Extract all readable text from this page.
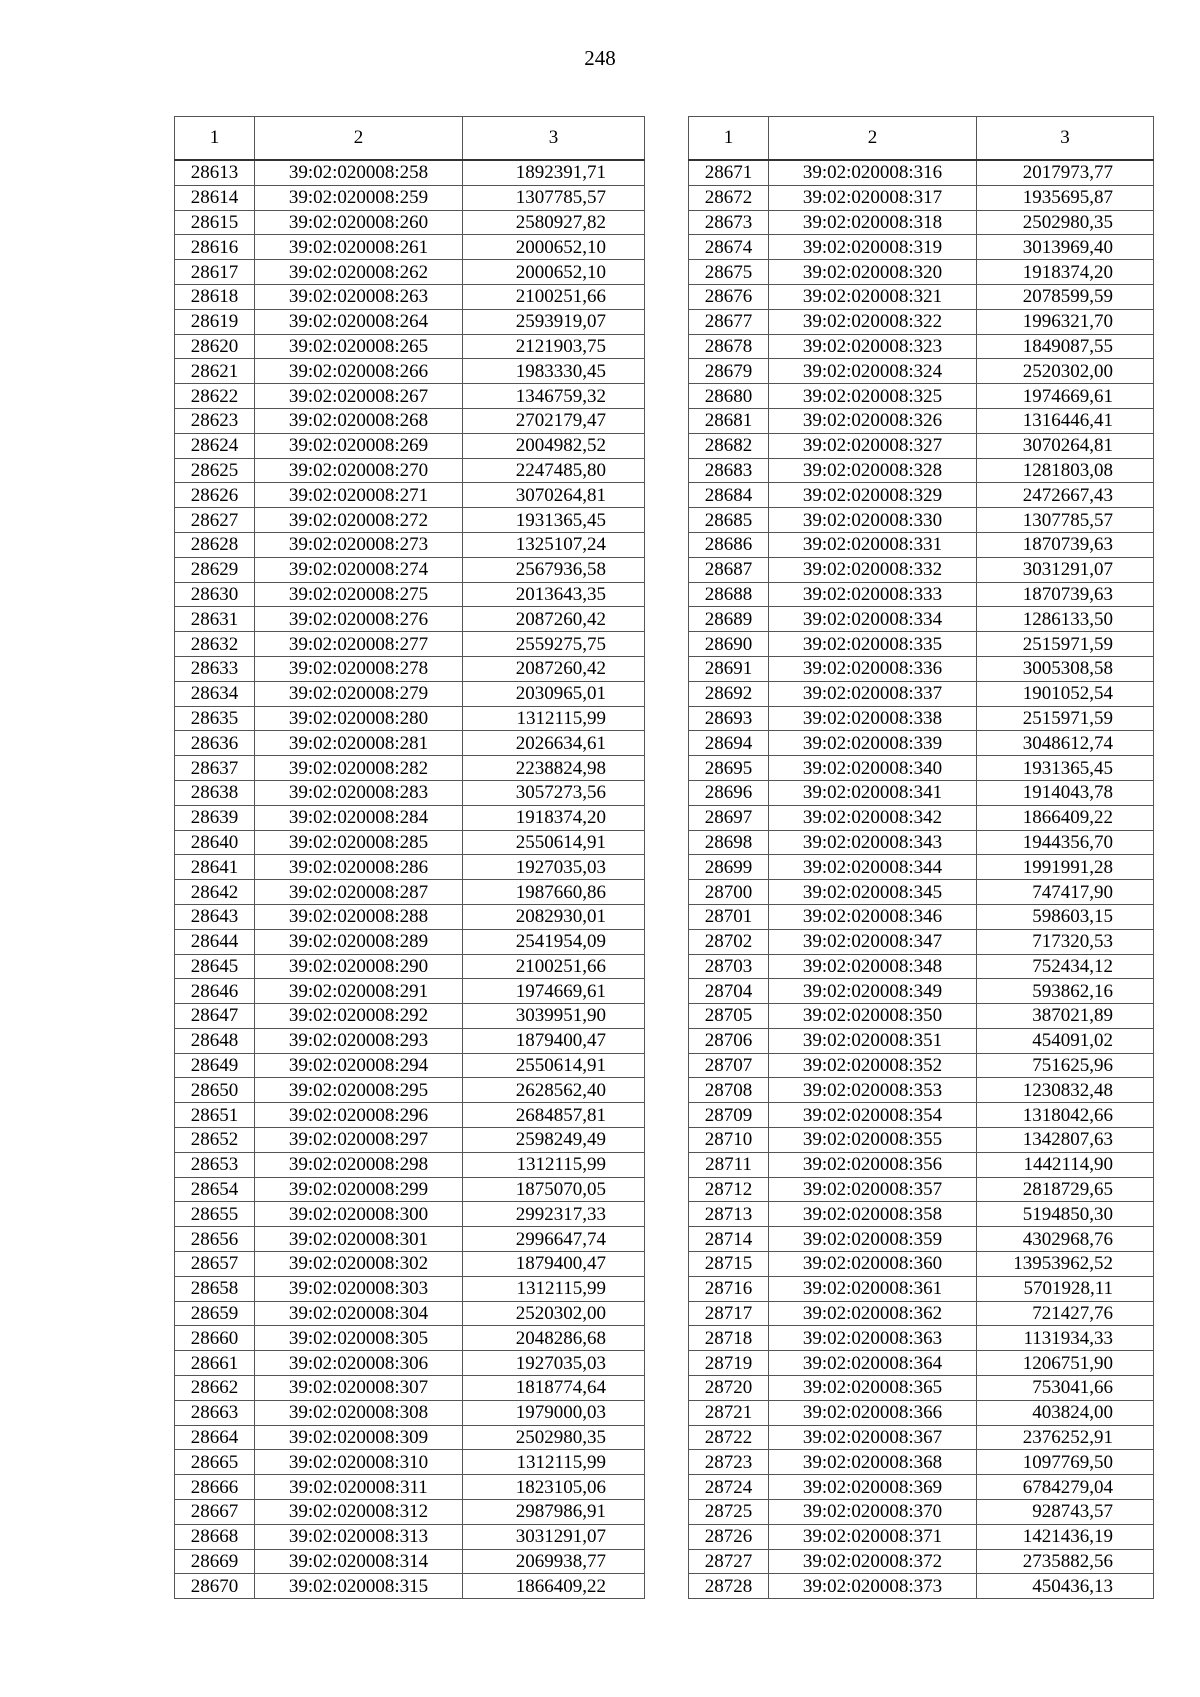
248
1	2	3
28613	39:02:020008:258	1892391,71
28614	39:02:020008:259	1307785,57
28615	39:02:020008:260	2580927,82
28616	39:02:020008:261	2000652,10
28617	39:02:020008:262	2000652,10
28618	39:02:020008:263	2100251,66
28619	39:02:020008:264	2593919,07
28620	39:02:020008:265	2121903,75
28621	39:02:020008:266	1983330,45
28622	39:02:020008:267	1346759,32
28623	39:02:020008:268	2702179,47
28624	39:02:020008:269	2004982,52
28625	39:02:020008:270	2247485,80
28626	39:02:020008:271	3070264,81
28627	39:02:020008:272	1931365,45
28628	39:02:020008:273	1325107,24
28629	39:02:020008:274	2567936,58
28630	39:02:020008:275	2013643,35
28631	39:02:020008:276	2087260,42
28632	39:02:020008:277	2559275,75
28633	39:02:020008:278	2087260,42
28634	39:02:020008:279	2030965,01
28635	39:02:020008:280	1312115,99
28636	39:02:020008:281	2026634,61
28637	39:02:020008:282	2238824,98
28638	39:02:020008:283	3057273,56
28639	39:02:020008:284	1918374,20
28640	39:02:020008:285	2550614,91
28641	39:02:020008:286	1927035,03
28642	39:02:020008:287	1987660,86
28643	39:02:020008:288	2082930,01
28644	39:02:020008:289	2541954,09
28645	39:02:020008:290	2100251,66
28646	39:02:020008:291	1974669,61
28647	39:02:020008:292	3039951,90
28648	39:02:020008:293	1879400,47
28649	39:02:020008:294	2550614,91
28650	39:02:020008:295	2628562,40
28651	39:02:020008:296	2684857,81
28652	39:02:020008:297	2598249,49
28653	39:02:020008:298	1312115,99
28654	39:02:020008:299	1875070,05
28655	39:02:020008:300	2992317,33
28656	39:02:020008:301	2996647,74
28657	39:02:020008:302	1879400,47
28658	39:02:020008:303	1312115,99
28659	39:02:020008:304	2520302,00
28660	39:02:020008:305	2048286,68
28661	39:02:020008:306	1927035,03
28662	39:02:020008:307	1818774,64
28663	39:02:020008:308	1979000,03
28664	39:02:020008:309	2502980,35
28665	39:02:020008:310	1312115,99
28666	39:02:020008:311	1823105,06
28667	39:02:020008:312	2987986,91
28668	39:02:020008:313	3031291,07
28669	39:02:020008:314	2069938,77
28670	39:02:020008:315	1866409,22
1	2	3
28671	39:02:020008:316	2017973,77
28672	39:02:020008:317	1935695,87
28673	39:02:020008:318	2502980,35
28674	39:02:020008:319	3013969,40
28675	39:02:020008:320	1918374,20
28676	39:02:020008:321	2078599,59
28677	39:02:020008:322	1996321,70
28678	39:02:020008:323	1849087,55
28679	39:02:020008:324	2520302,00
28680	39:02:020008:325	1974669,61
28681	39:02:020008:326	1316446,41
28682	39:02:020008:327	3070264,81
28683	39:02:020008:328	1281803,08
28684	39:02:020008:329	2472667,43
28685	39:02:020008:330	1307785,57
28686	39:02:020008:331	1870739,63
28687	39:02:020008:332	3031291,07
28688	39:02:020008:333	1870739,63
28689	39:02:020008:334	1286133,50
28690	39:02:020008:335	2515971,59
28691	39:02:020008:336	3005308,58
28692	39:02:020008:337	1901052,54
28693	39:02:020008:338	2515971,59
28694	39:02:020008:339	3048612,74
28695	39:02:020008:340	1931365,45
28696	39:02:020008:341	1914043,78
28697	39:02:020008:342	1866409,22
28698	39:02:020008:343	1944356,70
28699	39:02:020008:344	1991991,28
28700	39:02:020008:345	747417,90
28701	39:02:020008:346	598603,15
28702	39:02:020008:347	717320,53
28703	39:02:020008:348	752434,12
28704	39:02:020008:349	593862,16
28705	39:02:020008:350	387021,89
28706	39:02:020008:351	454091,02
28707	39:02:020008:352	751625,96
28708	39:02:020008:353	1230832,48
28709	39:02:020008:354	1318042,66
28710	39:02:020008:355	1342807,63
28711	39:02:020008:356	1442114,90
28712	39:02:020008:357	2818729,65
28713	39:02:020008:358	5194850,30
28714	39:02:020008:359	4302968,76
28715	39:02:020008:360	13953962,52
28716	39:02:020008:361	5701928,11
28717	39:02:020008:362	721427,76
28718	39:02:020008:363	1131934,33
28719	39:02:020008:364	1206751,90
28720	39:02:020008:365	753041,66
28721	39:02:020008:366	403824,00
28722	39:02:020008:367	2376252,91
28723	39:02:020008:368	1097769,50
28724	39:02:020008:369	6784279,04
28725	39:02:020008:370	928743,57
28726	39:02:020008:371	1421436,19
28727	39:02:020008:372	2735882,56
28728	39:02:020008:373	450436,13
